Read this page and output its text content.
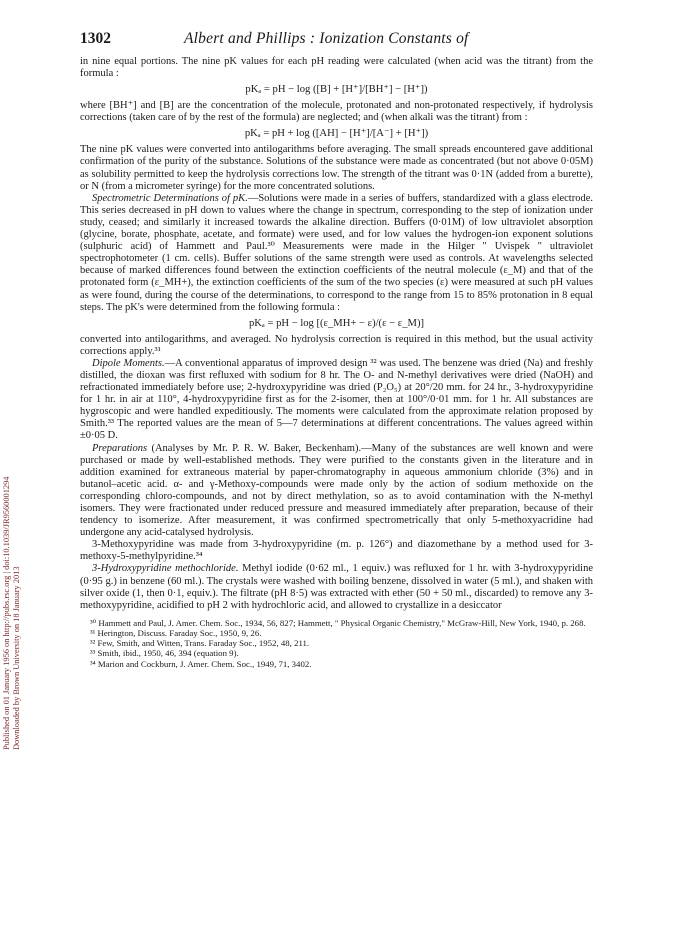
Published on 01 January 1956 on http://pubs.rsc.org | doi:10.1039/JR9560001294 Downloaded by Brown University on 18 January 2013
1302	Albert and Phillips : Ionization Constants of

in nine equal portions. The nine pK values for each pH reading were calculated (when acid was the titrant) from the formula :

pKₐ = pH − log ([B] + [H⁺]/[BH⁺] − [H⁺])

where [BH⁺] and [B] are the concentration of the molecule, protonated and non-protonated respectively, if hydrolysis corrections (taken care of by the rest of the formula) are neglected; and (when alkali was the titrant) from :

pKₐ = pH + log ([AH] − [H⁺]/[A⁻] + [H⁺])

The nine pK values were converted into antilogarithms before averaging. The small spreads encountered gave additional confirmation of the purity of the substance. Solutions of the substance were made as concentrated (but not above 0·05M) as solubility permitted to keep the hydrolysis corrections low. The strength of the titrant was 0·1N (added from a burette), or N (from a micrometer syringe) for the more concentrated solutions.

Spectrometric Determinations of pK.—Solutions were made in a series of buffers, standardized with a glass electrode. This series decreased in pH down to values where the change in spectrum, corresponding to the step of ionization under study, ceased; and similarly it increased towards the alkaline direction. Buffers (0·01M) of low ultraviolet absorption (glycine, borate, phosphate, acetate, and formate) were used, and for low values the hydrogen-ion exponent solutions (sulphuric acid) of Hammett and Paul.³⁰ Measurements were made in the Hilger " Uvispek " ultraviolet spectrophotometer (1 cm. cells). Buffer solutions of the same strength were used as controls. At wavelengths selected because of marked differences found between the extinction coefficients of the neutral molecule (ε_M) and that of the protonated form (ε_MH+), the extinction coefficients of the sum of the two species (ε) were measured at such pH values as were found, during the course of the determinations, to correspond to the range from 15 to 85% protonation in 8 equal steps. The pK's were determined from the following formula :

pKₐ = pH − log [(ε_MH+ − ε)/(ε − ε_M)]

converted into antilogarithms, and averaged. No hydrolysis correction is required in this method, but the usual activity corrections apply.³¹

Dipole Moments.—A conventional apparatus of improved design ³² was used. The benzene was dried (Na) and freshly distilled, the dioxan was first refluxed with sodium for 8 hr. The O- and N-methyl derivatives were dried (NaOH) and refractionated immediately before use; 2-hydroxypyridine was dried (P₂O₅) at 20°/20 mm. for 24 hr., 3-hydroxypyridine for 1 hr. in air at 110°, 4-hydroxypyridine first as for the 2-isomer, then at 100°/0·01 mm. for 1 hr. All substances are hygroscopic and were handled expeditiously. The moments were calculated from the approximate relation proposed by Smith.³³ The reported values are the mean of 5—7 determinations at different concentrations. The values agreed within ±0·05 D.

Preparations (Analyses by Mr. P. R. W. Baker, Beckenham).—Many of the substances are well known and were purchased or made by well-established methods. They were purified to the constants given in the literature and in addition examined for extraneous material by paper-chromatography in aqueous ammonium chloride (3%) and in butanol–acetic acid. α- and γ-Methoxy-compounds were made only by the action of sodium methoxide on the corresponding chloro-compounds, and not by direct methylation, so as to avoid contamination with the N-methyl isomers. They were fractionated under reduced pressure and measured immediately after preparation, because of their tendency to isomerize. After measurement, it was confirmed spectrometrically that only 5-methoxyacridine had undergone any acid-catalysed hydrolysis.

3-Methoxypyridine was made from 3-hydroxypyridine (m. p. 126°) and diazomethane by a method used for 3-methoxy-5-methylpyridine.³⁴

3-Hydroxypyridine methochloride. Methyl iodide (0·62 ml., 1 equiv.) was refluxed for 1 hr. with 3-hydroxypyridine (0·95 g.) in benzene (60 ml.). The crystals were washed with boiling benzene, dissolved in water (5 ml.), and shaken with silver oxide (1, then 0·1, equiv.). The filtrate (pH 8·5) was extracted with ether (50 + 50 ml., discarded) to remove any 3-methoxypyridine, acidified to pH 2 with hydrochloric acid, and allowed to crystallize in a desiccator

³⁰ Hammett and Paul, J. Amer. Chem. Soc., 1934, 56, 827; Hammett, " Physical Organic Chemistry," McGraw-Hill, New York, 1940, p. 268.
³¹ Herington, Discuss. Faraday Soc., 1950, 9, 26.
³² Few, Smith, and Witten, Trans. Faraday Soc., 1952, 48, 211.
³³ Smith, ibid., 1950, 46, 394 (equation 9).
³⁴ Marion and Cockburn, J. Amer. Chem. Soc., 1949, 71, 3402.
